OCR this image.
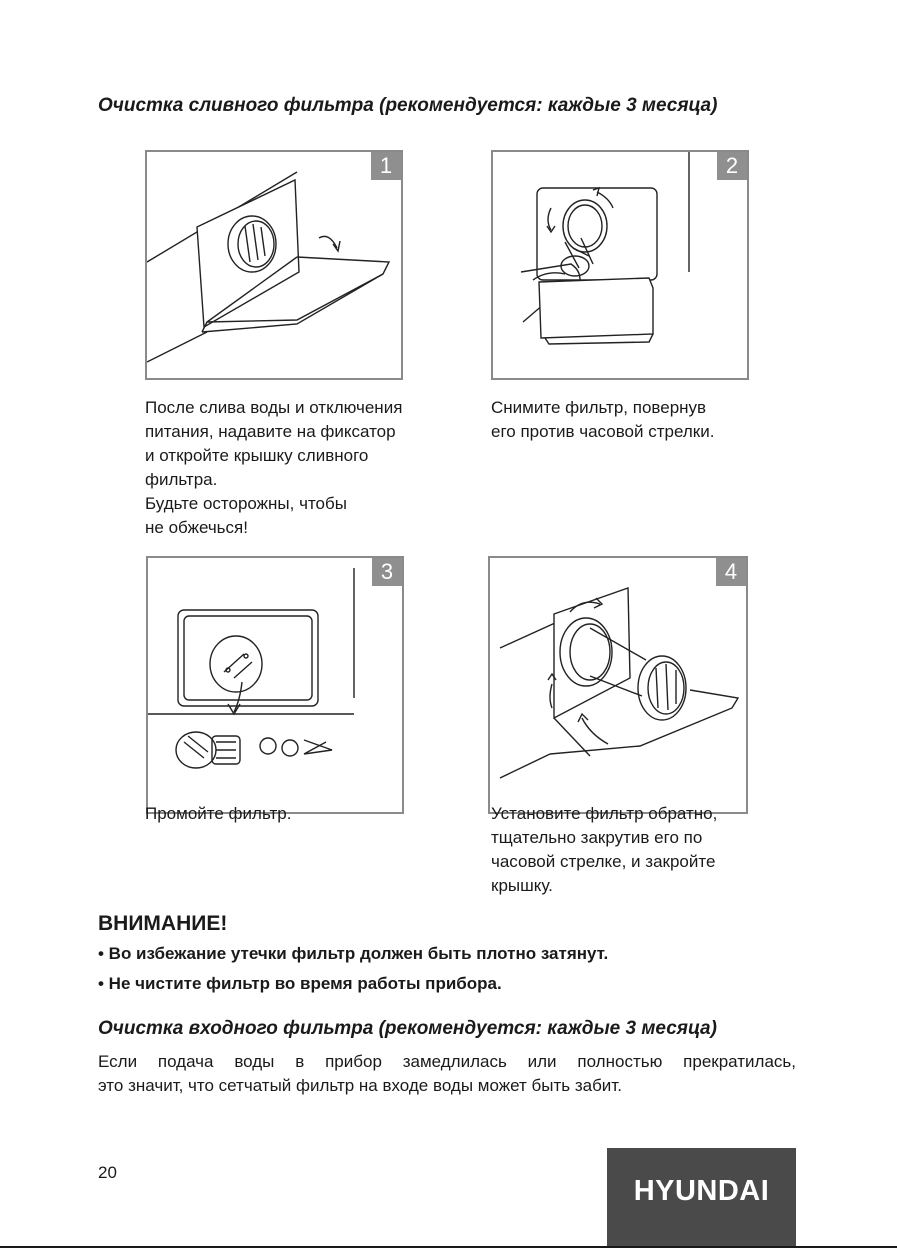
Очистка сливного фильтра (рекомендуется: каждые 3 месяца)
1	2
3	4

После слива воды и отключения
питания, надавите на фиксатор
и откройте крышку сливного
фильтра.
Будьте осторожны, чтобы
не обжечься!

Снимите фильтр, повернув
его против часовой стрелки.

Промойте фильтр.	Установите фильтр обратно,
тщательно закрутив его по
часовой стрелке, и закройте
крышку.

ВНИМАНИЕ!

• Во избежание утечки фильтр должен быть плотно затянут.

• Не чистите фильтр во время работы прибора.

Очистка входного фильтра (рекомендуется: каждые 3 месяца)

Если подача воды в прибор замедлилась или полностью прекратилась,
это значит, что сетчатый фильтр на входе воды может быть забит.

20

HYUNDAI
